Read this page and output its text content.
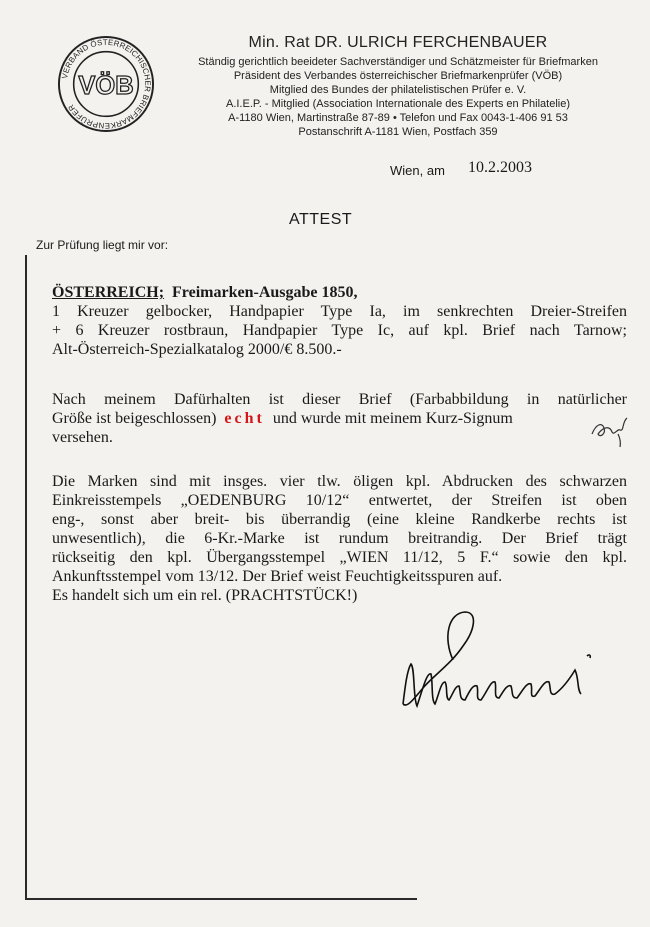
VERBAND ÖSTERREICHISCHER BRIEFMARKENPRÜFER
VÖB
Min. Rat DR. ULRICH FERCHENBAUER
Ständig gerichtlich beeideter Sachverständiger und Schätzmeister für Briefmarken
Präsident des Verbandes österreichischer Briefmarkenprüfer (VÖB)
Mitglied des Bundes der philatelistischen Prüfer e. V.
A.I.E.P. - Mitglied (Association Internationale des Experts en Philatelie)
A-1180 Wien, Martinstraße 87-89 • Telefon und Fax 0043-1-406 91 53
Postanschrift A-1181 Wien, Postfach 359
Wien, am 10.2.2003
ATTEST
Zur Prüfung liegt mir vor:
ÖSTERREICH; Freimarken-Ausgabe 1850,
1 Kreuzer gelbocker, Handpapier Type Ia, im senkrechten Dreier-Streifen
+ 6 Kreuzer rostbraun, Handpapier Type Ic, auf kpl. Brief nach Tarnow;
Alt-Österreich-Spezialkatalog 2000/€ 8.500.-
Nach meinem Dafürhalten ist dieser Brief (Farbabbildung in natürlicher
Größe ist beigeschlossen) echt und wurde mit meinem Kurz-Signum
versehen.
Die Marken sind mit insges. vier tlw. öligen kpl. Abdrucken des schwarzen
Einkreisstempels „OEDENBURG 10/12“ entwertet, der Streifen ist oben
eng-, sonst aber breit- bis überrandig (eine kleine Randkerbe rechts ist
unwesentlich), die 6-Kr.-Marke ist rundum breitrandig. Der Brief trägt
rückseitig den kpl. Übergangsstempel „WIEN 11/12, 5 F.“ sowie den kpl.
Ankunftsstempel vom 13/12. Der Brief weist Feuchtigkeitsspuren auf.
Es handelt sich um ein rel. (PRACHTSTÜCK!)
